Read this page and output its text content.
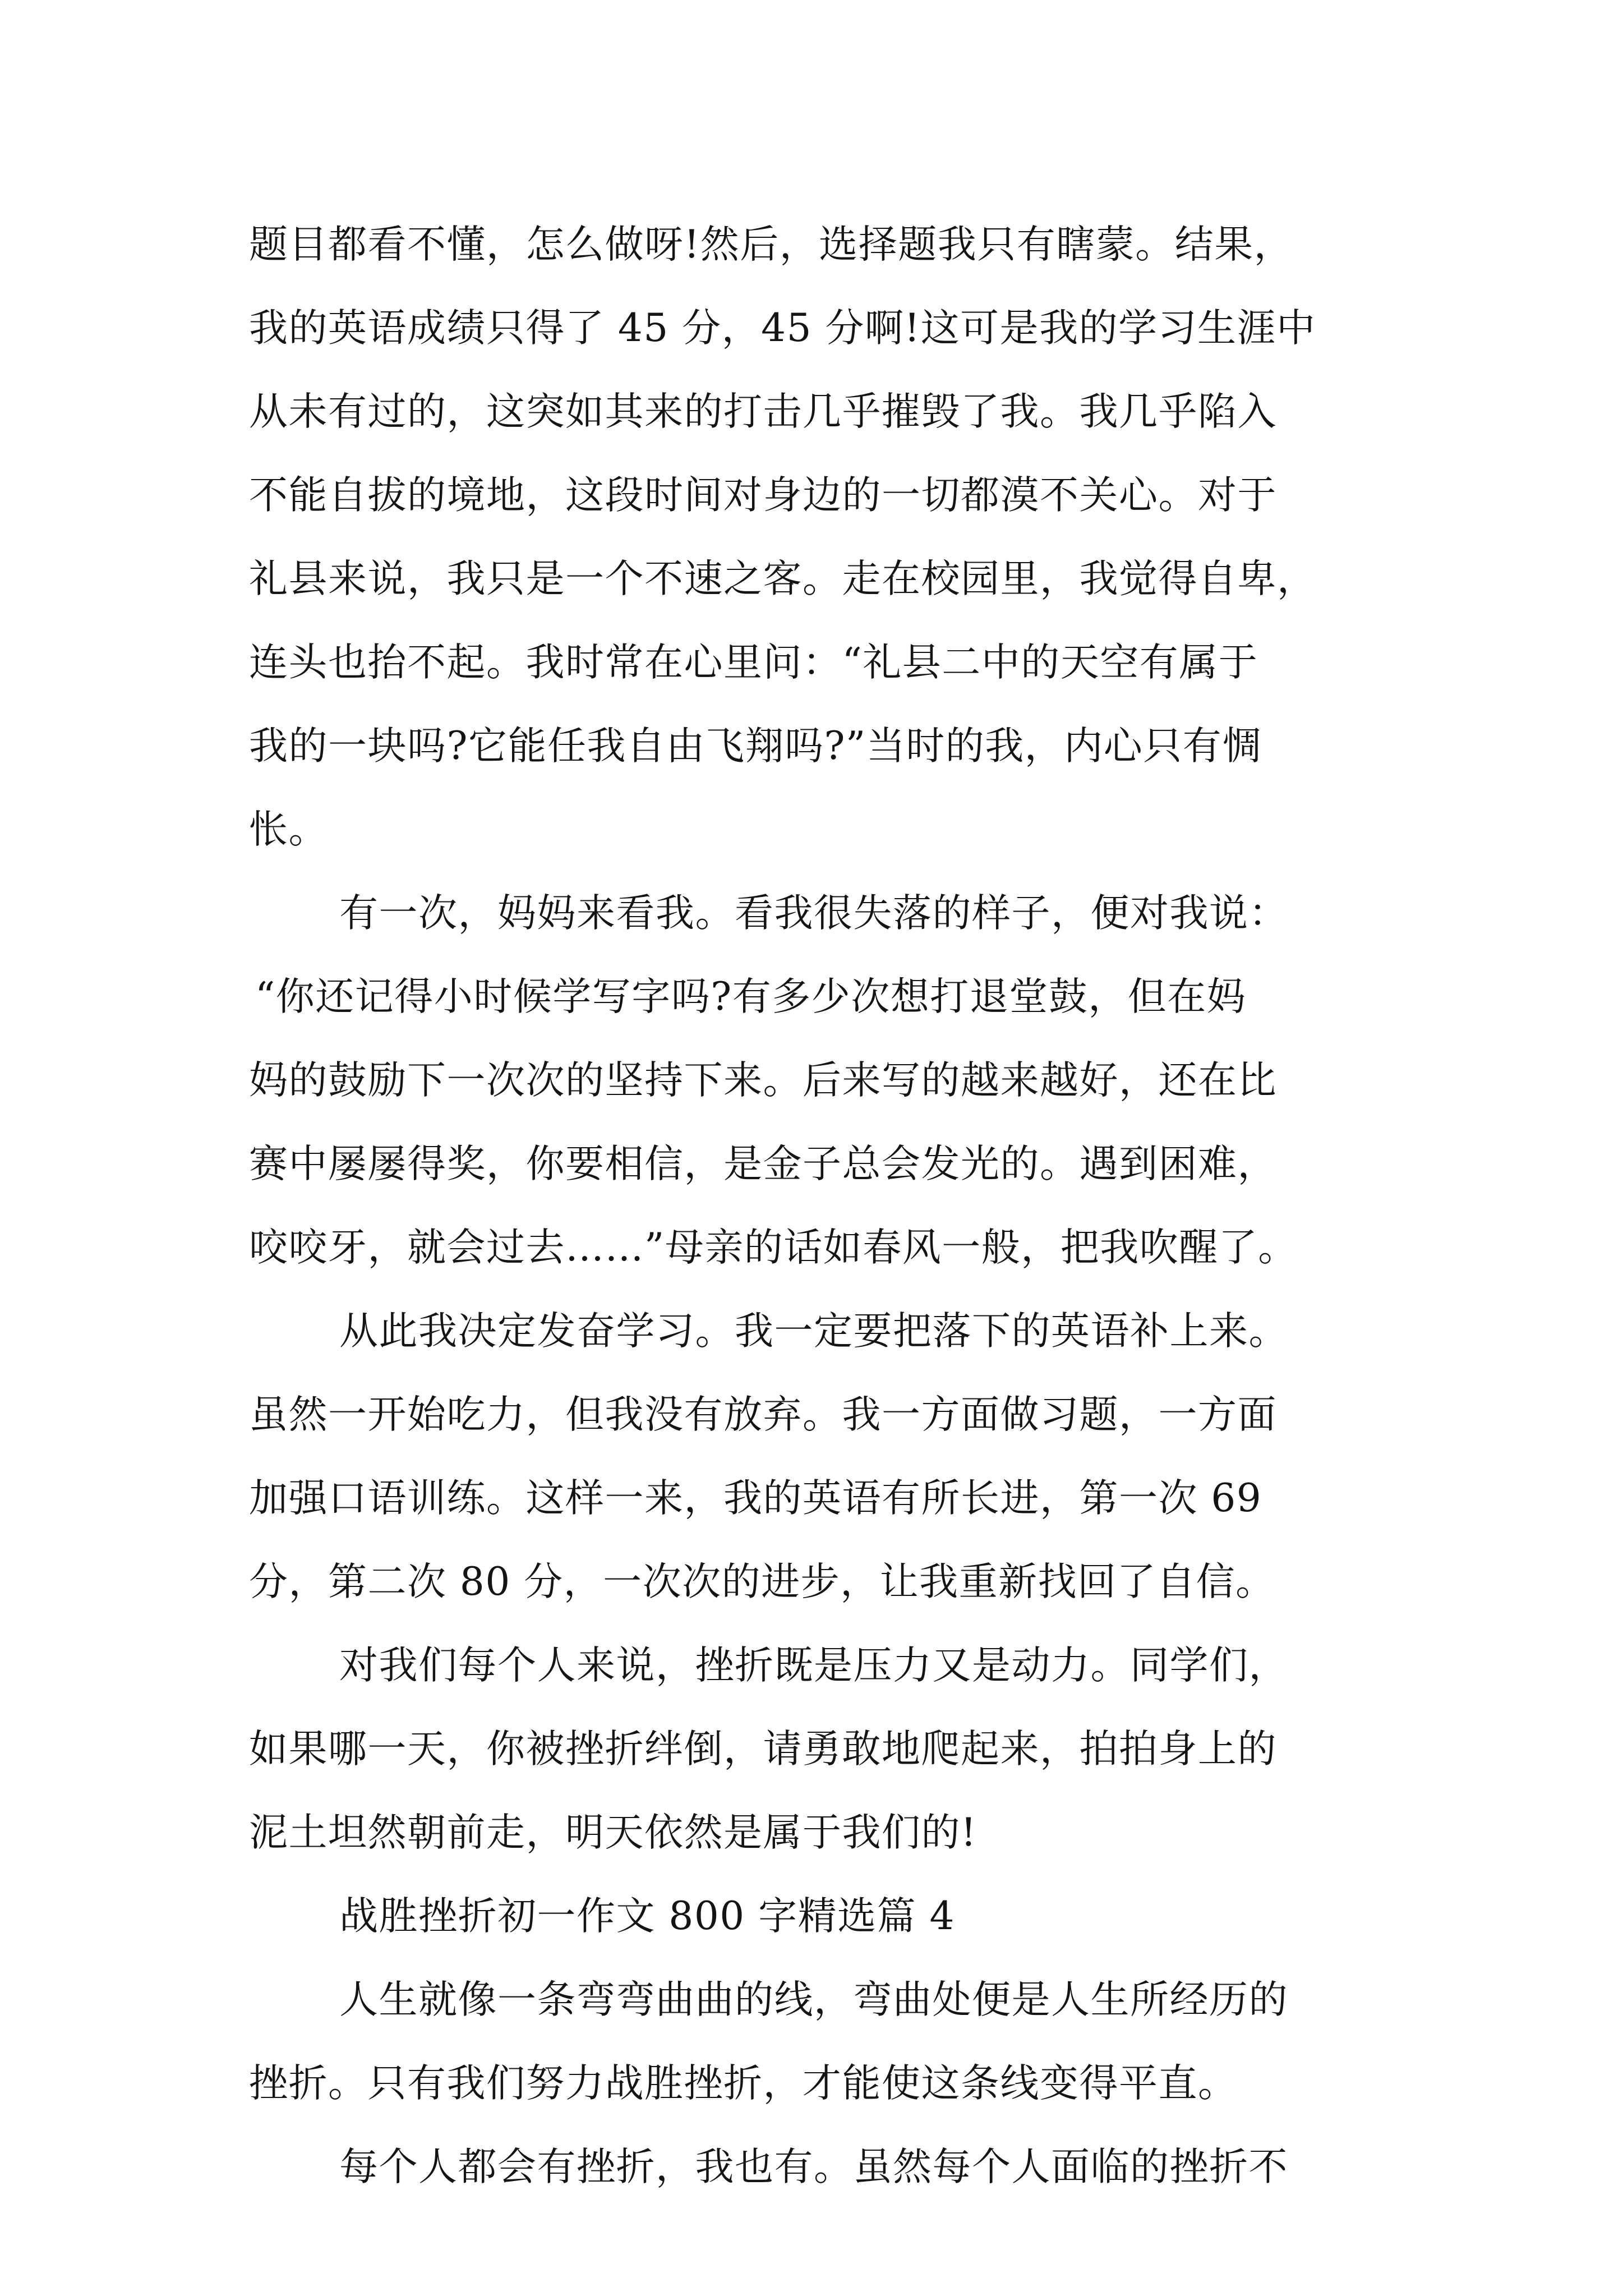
题目都看不懂，怎么做呀!然后，选择题我只有瞎蒙。结果，
我的英语成绩只得了 45 分，45 分啊!这可是我的学习生涯中
从未有过的，这突如其来的打击几乎摧毁了我。我几乎陷入
不能自拔的境地，这段时间对身边的一切都漠不关心。对于
礼县来说，我只是一个不速之客。走在校园里，我觉得自卑，
连头也抬不起。我时常在心里问：“礼县二中的天空有属于
我的一块吗?它能任我自由飞翔吗?”当时的我，内心只有惆
怅。
有一次，妈妈来看我。看我很失落的样子，便对我说：
“你还记得小时候学写字吗?有多少次想打退堂鼓，但在妈
妈的鼓励下一次次的坚持下来。后来写的越来越好，还在比
赛中屡屡得奖，你要相信，是金子总会发光的。遇到困难，
咬咬牙，就会过去……”母亲的话如春风一般，把我吹醒了。
从此我决定发奋学习。我一定要把落下的英语补上来。
虽然一开始吃力，但我没有放弃。我一方面做习题，一方面
加强口语训练。这样一来，我的英语有所长进，第一次 69
分，第二次 80 分，一次次的进步，让我重新找回了自信。
对我们每个人来说，挫折既是压力又是动力。同学们，
如果哪一天，你被挫折绊倒，请勇敢地爬起来，拍拍身上的
泥土坦然朝前走，明天依然是属于我们的!
战胜挫折初一作文 800 字精选篇 4
人生就像一条弯弯曲曲的线，弯曲处便是人生所经历的
挫折。只有我们努力战胜挫折，才能使这条线变得平直。
每个人都会有挫折，我也有。虽然每个人面临的挫折不
